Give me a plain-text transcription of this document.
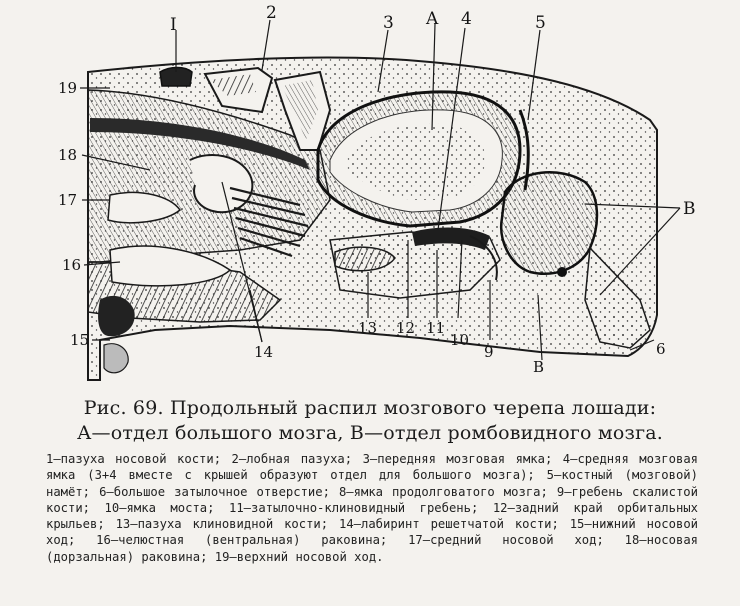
I
2	3 A 4	5
19
18
17
16
15
14
13 12 11
10
9
B
B
6
Рис. 69. Продольный распил мозгового черепа лошади:
А—отдел большого мозга, В—отдел ромбовидного мозга.
1—пазуха носовой кости; 2—лобная пазуха; 3—передняя мозговая ямка; 4—средняя мозговая ямка (3+4 вместе с крышей образуют отдел для большого мозга); 5—костный (мозговой) намёт; 6—большое затылочное отверстие; 8—ямка продолговатого мозга; 9—гребень скалистой кости; 10—ямка моста; 11—затылочно-клиновидный гребень; 12—задний край орбитальных крыльев; 13—пазуха клиновидной кости; 14—лабиринт решетчатой кости; 15—нижний носовой ход; 16—челюстная (вентральная) раковина; 17—средний носовой ход; 18—носовая (дорзальная) раковина; 19—верхний носовой ход.
